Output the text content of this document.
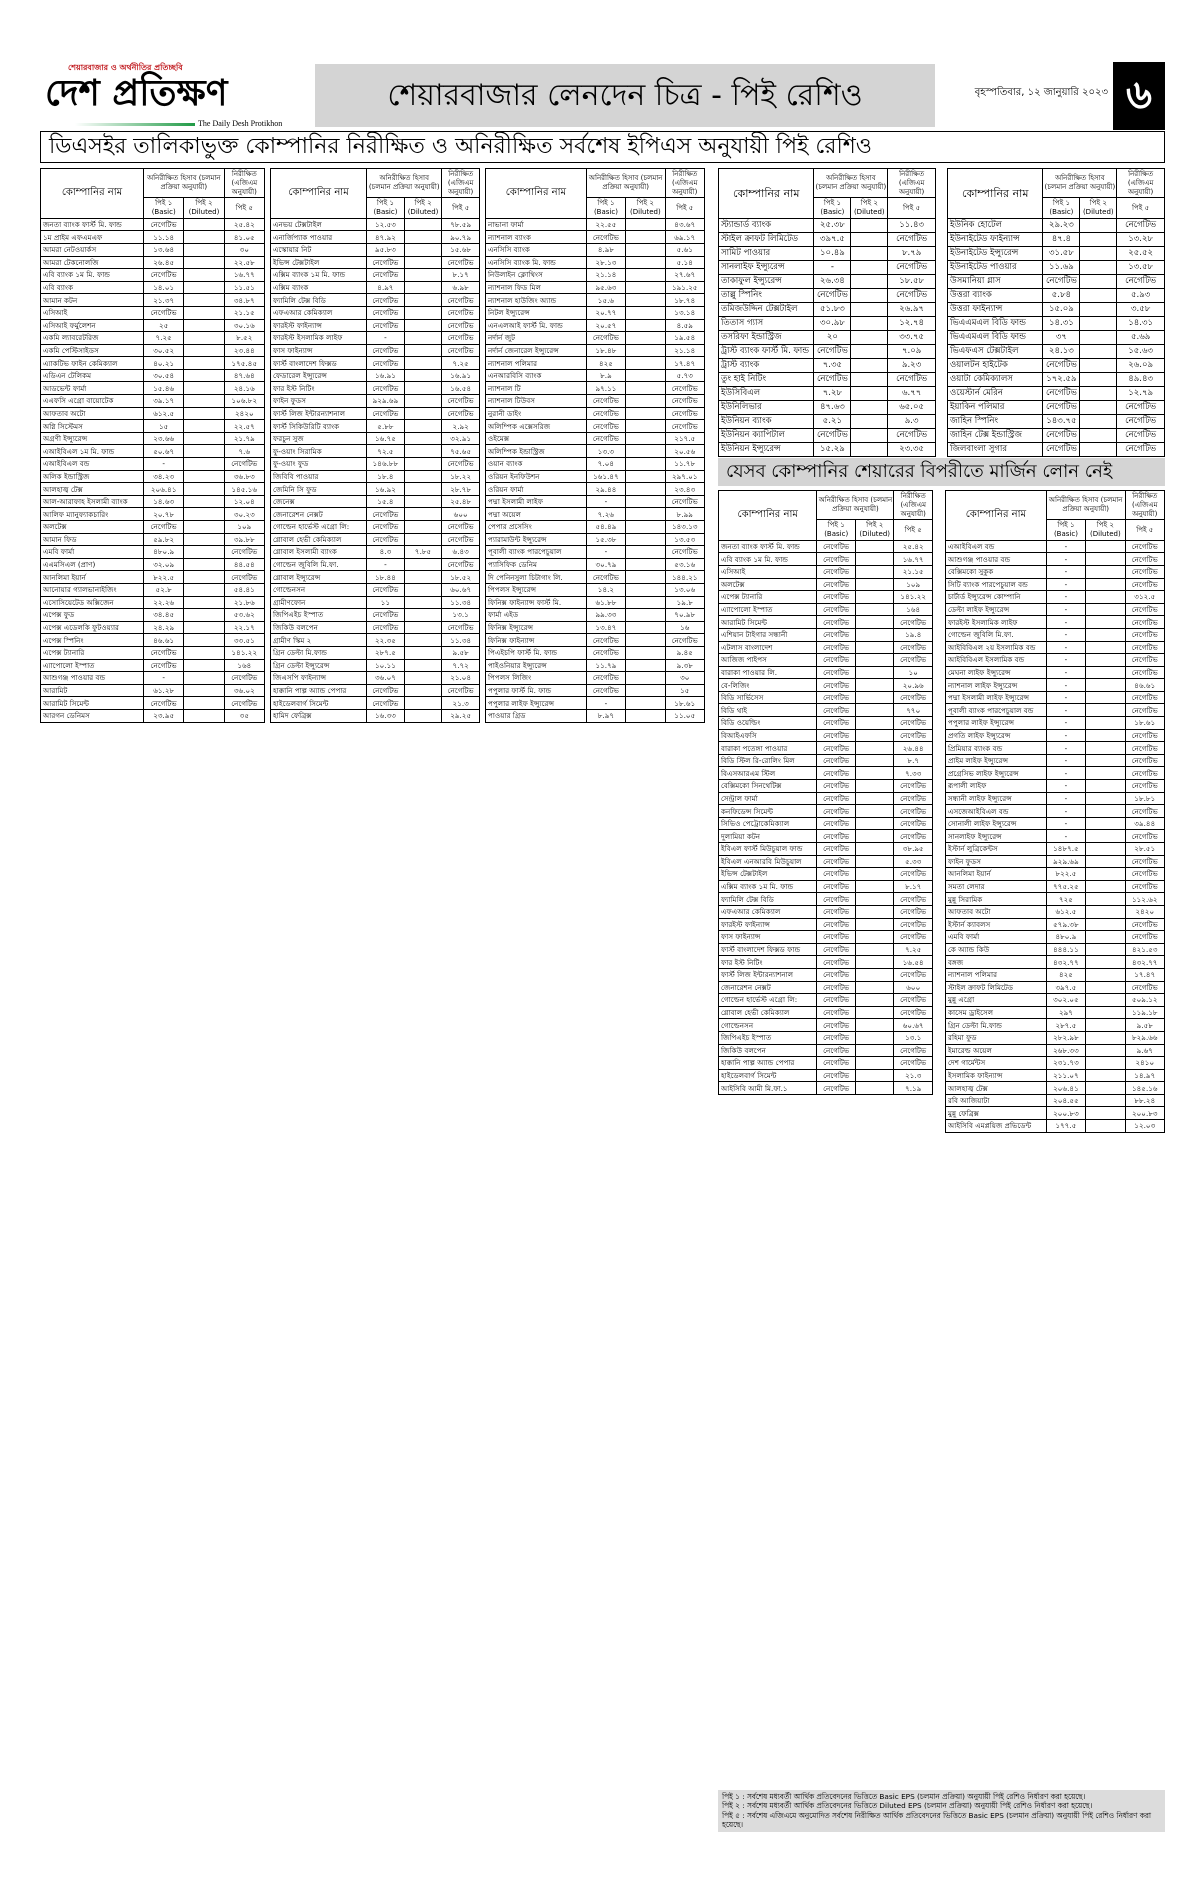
শেয়ারবাজার ও অর্থনীতির প্রতিচ্ছবি
দেশ প্রতিক্ষণ
The Daily Desh Protikhon
শেয়ারবাজার লেনদেন চিত্র - পিই রেশিও	বৃহস্পতিবার, ১২ জানুয়ারি ২০২৩ ৬
ডিএসইর তালিকাভুক্ত কোম্পানির নিরীক্ষিত ও অনিরীক্ষিত সর্বশেষ ইপিএস অনুযায়ী পিই রেশিও
কোম্পানির নাম	অনিরীক্ষিত হিসাব (চলমান প্রক্রিয়া অনুযায়ী)		নিরীক্ষিত (এজিএম অনুযায়ী)
	পিই ১ (Basic)	পিই ২ (Diluted)	পিই ৫
জনতা ব্যাংক ফার্স্ট মি. ফান্ড	নেগেটিভ		২৫.৪২
১ম প্রাইম এফএমএফ	১১.১৪		৪১.০৫
আমরা নেটওয়ার্কস	১৩.৬৪		৩০
আমরা টেকনোলজি	২৬.৪৫		২২.৫৮
এবি ব্যাংক ১ম মি. ফান্ড	নেগেটিভ		১৬.৭৭
এবি ব্যাংক	১৪.০১		১১.৫১
আমান কটন	২১.৩৭		৩৪.৮৭
এসিআই	নেগেটিভ		২১.১৫
এসিআই ফর্মুলেশন	২৫		৩০.১৬
একমি ল্যাবরেটরিজ	৭.২৫		৮.৫২
একমি পেস্টিসাইডস	৩০.৫২		২৩.৪৪
এ্যাকটিভ ফাইন কেমিক্যাল	৪০.২১		১৭৫.৪৫
এডিএন টেলিকম	৩০.৫৪		৪৭.৬৪
আডভেন্ট ফার্মা	১৫.৪৬		২৪.১৬
এএফসি এগ্রো বায়োটেক	৩৯.১৭		১০৬.৮২
আফতাব অটো	৬১২.৫		২৪২০
অগ্নি সিস্টেমস	১৫		২২.৫৭
অগ্রণী ইন্স্যুরেন্স	২৩.৬৬		২১.৭৯
এআইবিএল ১ম মি. ফান্ড	৫০.৬৭		৭.৬
এআইবিএল বন্ড	-		নেগেটিভ
অলিক ইন্ডাস্ট্রিজ	৩৪.২৩		৩৬.৮৩
আলহাজ্ব টেক্স	২০৬.৪১		১৪৫.১৬
আল-আরাফাহ ইসলামী ব্যাংক	১৪.৬৩		১২.০৪
আলিফ ম্যানুফ্যাকচারিং	২০.৭৮		৩০.২৩
অলটেক্স	নেগেটিভ		১০৯
আমান ফিড	৫৯.৮২		৩৯.৮৮
এমবি ফার্মা	৪৮০.৯		নেগেটিভ
এএমসিএল (প্রাণ)	৩২.০৯		৪৪.৫৪
আনলিমা ইয়ার্ন	৮২২.৫		নেগেটিভ
আনোয়ার গ্যালভানাইজিং	৫২.৮		৫৪.৪১
এসোসিয়েটেড অক্সিজেন	২২.২৬		২১.৮৬
এপেক্স ফুড	৩৪.৪৫		৫৩.৬২
এপেক্স এডেলকি ফুটওয়্যার	২৪.২৯		২২.১৭
এপেক্স স্পিনিং	৪৬.৬১		৩৩.৫১
এপেক্স ট্যানারি	নেগেটিভ		১৪১.২২
এ্যাপোলো ইস্পাত	নেগেটিভ		১৬৪
আশুগঞ্জ পাওয়ার বন্ড	-		নেগেটিভ
আরামিট	৬১.২৮		৩৬.০২
আরামিট সিমেন্ট	নেগেটিভ		নেগেটিভ
আরগন ডেনিমস	২৩.৯৫		৩৫
কোম্পানির নাম	অনিরীক্ষিত হিসাব (চলমান প্রক্রিয়া অনুযায়ী)		নিরীক্ষিত (এজিএম অনুযায়ী)
	পিই ১ (Basic)	পিই ২ (Diluted)	পিই ৫
এনভয় টেক্সটাইল	১২.৫৩		৭৮.৫৯
এনার্জিপ্যাক পাওয়ার	৪৭.৯২		৯০.৭৯
এস্কোয়ার নিট	৯৫.৮৩		১৫.৬৮
ইভিন্স টেক্সটাইল	নেগেটিভ		নেগেটিভ
এক্সিম ব্যাংক ১ম মি. ফান্ড	নেগেটিভ		৮.১৭
এক্সিম ব্যাংক	৪.৯৭		৬.৯৮
ফ্যামিলি টেক্স বিডি	নেগেটিভ		নেগেটিভ
এফএআর কেমিক্যাল	নেগেটিভ		নেগেটিভ
ফারইস্ট ফাইন্যান্স	নেগেটিভ		নেগেটিভ
ফারইস্ট ইসলামিক লাইফ	-		নেগেটিভ
ফাস ফাইন্যান্স	নেগেটিভ		নেগেটিভ
ফার্স্ট বাংলাদেশ ফিক্সড	নেগেটিভ		৭.২৫
ফেডারেল ইন্স্যুরেন্স	১৬.৯১		১৬.৯১
ফার ইস্ট নিটিং	নেগেটিভ		১৬.৫৪
ফাইন ফুডস	৯২৯.৬৯		নেগেটিভ
ফার্স্ট লিজ ইন্টারন্যাশনাল	নেগেটিভ		নেগেটিভ
ফার্স্ট সিকিউরিটি ব্যাংক	৫.৮৮		২.৯২
ফরচুন সুজ	১৬.৭৫		৩২.৯১
ফু-ওয়াং সিরামিক	৭২.৫		৭৫.৬৫
ফু-ওয়াং ফুড	১৪৬.৮৮		নেগেটিভ
জিবিবি পাওয়ার	১৮.৪		১৮.২২
জেমিনি সি ফুড	১৬.৯২		২৮.৭৮
জেনেক্স	১৫.৪		২৫.৪৮
জেনারেশন নেক্সট	নেগেটিভ		৬০০
গোল্ডেন হার্ভেস্ট এগ্রো লি:	নেগেটিভ		নেগেটিভ
গ্লোবাল হেভী কেমিক্যাল	নেগেটিভ		নেগেটিভ
গ্লোবাল ইসলামী ব্যাংক	৪.৩	৭.৮৫	৬.৪৩
গোল্ডেন জুবিলি মি.ফা.	-		নেগেটিভ
গ্লোবাল ইন্স্যুরেন্স	১৮.৪৪		১৮.৫২
গোল্ডেনসন	নেগেটিভ		৬০.৬৭
গ্রামীণফোন	১১		১১.৩৪
জিপিএইচ ইস্পাত	নেগেটিভ		১৩.১
জিকিউ বলপেন	নেগেটিভ		নেগেটিভ
গ্রামীণ স্কিম ২	২২.৩৫		১১.৩৪
গ্রিন ডেল্টা মি.ফান্ড	২৮৭.৫		৯.৫৮
গ্রিন ডেল্টা ইন্স্যুরেন্স	১০.১১		৭.৭২
জিএসপি ফাইন্যান্স	৩৬.০৭		২১.০৪
হাক্কানি পাল্প অ্যান্ড পেপার	নেগেটিভ		নেগেটিভ
হাইডেলবার্গ সিমেন্ট	নেগেটিভ		২১.৩
হামিদ ফেব্রিক্স	১৬.৩৩		২৯.২৫
কোম্পানির নাম	অনিরীক্ষিত হিসাব (চলমান প্রক্রিয়া অনুযায়ী)		নিরীক্ষিত (এজিএম অনুযায়ী)
	পিই ১ (Basic)	পিই ২ (Diluted)	পিই ৫
নাভানা ফার্মা	২২.৫৫		৪৩.৬৭
ন্যাশনাল ব্যাংক	নেগেটিভ		৬৯.১৭
এনসিসি ব্যাংক	৪.৯৮		৫.৬১
এনসিসি ব্যাংক মি. ফান্ড	২৮.১৩		৫.১৪
নিউলাইন ক্লোথিংস	২১.১৪		২৭.৬৭
ন্যাশনাল ফিড মিল	৯৫.৬৩		১৯১.২৫
ন্যাশনাল হাউজিং অ্যান্ড	১৫.৬		১৮.৭৪
নিটল ইন্স্যুরেন্স	২০.৭৭		১৩.১৪
এনএলআই ফার্স্ট মি. ফান্ড	২০.৫৭		৪.৫৯
নর্দার্ন জুট	নেগেটিভ		১৯.৫৪
নর্দার্ন জেনারেল ইন্স্যুরেন্স	১৮.৪৮		২১.১৪
ন্যাশনাল পলিমার	৪২৫		১৭.৪৭
এনআরবিসি ব্যাংক	৮.৯		৫.৭৩
ন্যাশনাল টি	৯৭.১১		নেগেটিভ
ন্যাশনাল টিউবস	নেগেটিভ		নেগেটিভ
নুরানী ডাইং	নেগেটিভ		নেগেটিভ
অলিম্পিক এক্সেসরিজ	নেগেটিভ		নেগেটিভ
ওইমেক্স	নেগেটিভ		২১৭.৫
অলিম্পিক ইন্ডাস্ট্রিজ	১৩.৩		২০.৫৬
ওয়ান ব্যাংক	৭.০৪		১১.৭৮
ওরিয়ন ইনফিউশন	১৬১.৪৭		২৯৭.০১
ওরিয়ন ফার্মা	২৯.৪৪		২৩.৪৩
পদ্মা ইসলামী লাইফ	-		নেগেটিভ
পদ্মা অয়েল	৭.২৬		৮.৯৯
পেপার প্রসেসিং	৫৪.৪৯		১৪৩.১৩
প্যারামাউন্ট ইন্স্যুরেন্স	১৫.৩৮		১৩.৫৩
পূবালী ব্যাংক পারপেচুয়াল	-		নেগেটিভ
প্যাসিফিক ডেনিম	৩০.৭৯		৫৩.১৬
দি পেনিনসুলা চিটাগাং লি.	নেগেটিভ		১৪৪.২১
পিপলস ইন্স্যুরেন্স	১৪.২		১৩.০৬
ফিনিক্স ফাইন্যান্স ফার্স্ট মি.	৬১.৮৮		১৯.৮
ফার্মা এইড	৯৯.৩৩		৭০.৯৮
ফিনিক্স ইন্স্যুরেন্স	১৩.৪৭		১৬
ফিনিক্স ফাইন্যান্স	নেগেটিভ		নেগেটিভ
পিএইচপি ফার্স্ট মি. ফান্ড	নেগেটিভ		৯.৪৫
পাইওনিয়ার ইন্স্যুরেন্স	১১.৭৯		৯.৩৮
পিপলস লিজিং	নেগেটিভ		৩০
পপুলার ফার্স্ট মি. ফান্ড	নেগেটিভ		১৫
পপুলার লাইফ ইন্স্যুরেন্স	-		১৮.৬১
পাওয়ার গ্রিড	৮.৯৭		১১.০৫
কোম্পানির নাম	অনিরীক্ষিত হিসাব (চলমান প্রক্রিয়া অনুযায়ী)		নিরীক্ষিত (এজিএম অনুযায়ী)
	পিই ১ (Basic)	পিই ২ (Diluted)	পিই ৫
স্ট্যান্ডার্ড ব্যাংক	২৫.৩৮		১১.৪৩
স্টাইল ক্রাফট লিমিটেড	৩৯৭.৫		নেগেটিভ
সামিট পাওয়ার	১০.৪৯		৮.৭৯
সানলাইফ ইন্স্যুরেন্স	-		নেগেটিভ
তাকাফুল ইন্স্যুরেন্স	২৬.৩৪		১৮.৫৮
তাল্লু স্পিনিং	নেগেটিভ		নেগেটিভ
তমিজউদ্দিন টেক্সটাইল	৫১.৮৩		২৬.৯৭
তিতাস গ্যাস	৩০.৯৮		১২.৭৪
তসরিফা ইন্ডাস্ট্রিজ	২০		৩৩.৭৫
ট্রাস্ট ব্যাংক ফার্স্ট মি. ফান্ড	নেগেটিভ		৭.০৯
ট্রাস্ট ব্যাংক	৭.৩৫		৯.২৩
তুং হাই নিটিং	নেগেটিভ		নেগেটিভ
ইউসিবিএল	৭.২৮		৬.৭৭
ইউনিলিভার	৪৭.৬৩		৬৫.০৫
ইউনিয়ন ব্যাংক	৫.২১		৯.৩
ইউনিয়ন ক্যাপিটাল	নেগেটিভ		নেগেটিভ
ইউনিয়ন ইন্স্যুরেন্স	১৫.২৯		২৩.৩৫
কোম্পানির নাম	অনিরীক্ষিত হিসাব (চলমান প্রক্রিয়া অনুযায়ী)		নিরীক্ষিত (এজিএম অনুযায়ী)
	পিই ১ (Basic)	পিই ২ (Diluted)	পিই ৫
ইউনিক হোটেল	২৯.২৩		নেগেটিভ
ইউনাইটেড ফাইন্যান্স	৪৭.৪		১৩.২৮
ইউনাইটেড ইন্স্যুরেন্স	৩১.৫৮		২৫.৫২
ইউনাইটেড পাওয়ার	১১.৬৯		১৩.৫৮
উসমানিয়া গ্লাস	নেগেটিভ		নেগেটিভ
উত্তরা ব্যাংক	৫.৮৪		৫.৯৩
উত্তরা ফাইন্যান্স	১৫.০৯		৩.৫৮
ভিএএমএল বিডি ফান্ড	১৪.৩১		১৪.৩১
ভিএএমএল বিডি ফান্ড	৩৭		৫.৬৯
ভিএফএস টেক্সটাইল	২৪.১৩		১৫.৬৩
ওয়ালটন হাইটেক	নেগেটিভ		২৬.০৯
ওয়াটা কেমিক্যালস	১৭২.৫৯		৪৯.৪৩
ওয়েস্টার্ন মেরিন	নেগেটিভ		১২.৭৯
ইয়াকিন পলিমার	নেগেটিভ		নেগেটিভ
জাহিন স্পিনিং	১৪৩.৭৫		নেগেটিভ
জাহিন টেক্স ইন্ডাস্ট্রিজ	নেগেটিভ		নেগেটিভ
জিলবাংলা সুগার	নেগেটিভ		নেগেটিভ
যেসব কোম্পানির শেয়ারের বিপরীতে মার্জিন লোন নেই
কোম্পানির নাম	অনিরীক্ষিত হিসাব (চলমান প্রক্রিয়া অনুযায়ী)		নিরীক্ষিত (এজিএম অনুযায়ী)
	পিই ১ (Basic)	পিই ২ (Diluted)	পিই ৫
জনতা ব্যাংক ফার্স্ট মি. ফান্ড	নেগেটিভ		২৫.৪২
এবি ব্যাংক ১ম মি. ফান্ড	নেগেটিভ		১৬.৭৭
এসিআই	নেগেটিভ		২১.১৫
অলটেক্স	নেগেটিভ		১০৯
এপেক্স ট্যানারি	নেগেটিভ		১৪১.২২
এ্যাপোলো ইস্পাত	নেগেটিভ		১৬৪
আরামিট সিমেন্ট	নেগেটিভ		নেগেটিভ
এশিয়ান টাইগার সন্ধানী	নেগেটিভ		১৯.৪
এটলাস বাংলাদেশ	নেগেটিভ		নেগেটিভ
আজিজ পাইপস	নেগেটিভ		নেগেটিভ
বারাকা পাওয়ার লি.	নেগেটিভ		১০
বে-লিজিং	নেগেটিভ		২০.৯৬
বিডি সার্ভিসেস	নেগেটিভ		নেগেটিভ
বিডি থাই	নেগেটিভ		৭৭০
বিডি ওয়েল্ডিং	নেগেটিভ		নেগেটিভ
বিআইএফসি	নেগেটিভ		নেগেটিভ
বারাকা পতেঙ্গা পাওয়ার	নেগেটিভ		২৬.৪৪
বিডি স্টিল রি-রোলিং মিল	নেগেটিভ		৮.৭
বিএসআরএম স্টিল	নেগেটিভ		৭.৩৩
বেক্সিমকো সিনথেটিক্স	নেগেটিভ		নেগেটিভ
সেন্ট্রাল ফার্মা	নেগেটিভ		নেগেটিভ
কনফিডেন্স সিমেন্ট	নেগেটিভ		নেগেটিভ
সিভিও পেট্রোকেমিক্যাল	নেগেটিভ		নেগেটিভ
দুলামিয়া কটন	নেগেটিভ		নেগেটিভ
ইবিএল ফার্স্ট মিউচুয়াল ফান্ড	নেগেটিভ		৩৮.৯৫
ইবিএল এনআরবি মিউচুয়াল	নেগেটিভ		৫.৩৩
ইভিন্স টেক্সটাইল	নেগেটিভ		নেগেটিভ
এক্সিম ব্যাংক ১ম মি. ফান্ড	নেগেটিভ		৮.১৭
ফ্যামিলি টেক্স বিডি	নেগেটিভ		নেগেটিভ
এফএআর কেমিক্যাল	নেগেটিভ		নেগেটিভ
ফারইস্ট ফাইন্যান্স	নেগেটিভ		নেগেটিভ
ফাস ফাইন্যান্স	নেগেটিভ		নেগেটিভ
ফার্স্ট বাংলাদেশ ফিক্সড ফান্ড	নেগেটিভ		৭.২৫
ফার ইস্ট নিটিং	নেগেটিভ		১৬.৫৪
ফার্স্ট লিজ ইন্টারন্যাশনাল	নেগেটিভ		নেগেটিভ
জেনারেশন নেক্সট	নেগেটিভ		৬০০
গোল্ডেন হার্ভেস্ট এগ্রো লি:	নেগেটিভ		নেগেটিভ
গ্লোবাল হেভী কেমিক্যাল	নেগেটিভ		নেগেটিভ
গোল্ডেনসন	নেগেটিভ		৬০.৬৭
জিপিএইচ ইস্পাত	নেগেটিভ		১৩.১
জিকিউ বলপেন	নেগেটিভ		নেগেটিভ
হাক্কানি পাল্প অ্যান্ড পেপার	নেগেটিভ		নেগেটিভ
হাইডেলবার্গ সিমেন্ট	নেগেটিভ		২১.৩
আইসিবি আমী মি.ফা.১	নেগেটিভ		৭.১৯
কোম্পানির নাম	অনিরীক্ষিত হিসাব (চলমান প্রক্রিয়া অনুযায়ী)		নিরীক্ষিত (এজিএম অনুযায়ী)
	পিই ১ (Basic)	পিই ২ (Diluted)	পিই ৫
এআইবিএল বন্ড	-		নেগেটিভ
আশুগঞ্জ পাওয়ার বন্ড	-		নেগেটিভ
বেক্সিমকো সুকুক	-		নেগেটিভ
সিটি ব্যাংক পারপেচুয়াল বন্ড	-		নেগেটিভ
চার্টার্ড ইন্স্যুরেন্স কোম্পানি	-		৩১২.৫
ডেল্টা লাইফ ইন্স্যুরেন্স	-		নেগেটিভ
ফারইস্ট ইসলামিক লাইফ	-		নেগেটিভ
গোল্ডেন জুবিলি মি.ফা.	-		নেগেটিভ
আইবিবিএল ২য় ইসলামিক বন্ড	-		নেগেটিভ
আইবিবিএল ইসলামিক বন্ড	-		নেগেটিভ
মেঘনা লাইফ ইন্স্যুরেন্স	-		নেগেটিভ
ন্যাশনাল লাইফ ইন্স্যুরেন্স	-		৪৬.৬১
পদ্মা ইসলামী লাইফ ইন্স্যুরেন্স	-		নেগেটিভ
পূবালী ব্যাংক পারপেচুয়াল বন্ড	-		নেগেটিভ
পপুলার লাইফ ইন্স্যুরেন্স	-		১৮.৬১
প্রগতি লাইফ ইন্স্যুরেন্স	-		নেগেটিভ
প্রিমিয়ার ব্যাংক বন্ড	-		নেগেটিভ
প্রাইম লাইফ ইন্স্যুরেন্স	-		নেগেটিভ
প্রগ্রেসিভ লাইফ ইন্স্যুরেন্স	-		নেগেটিভ
রূপালী লাইফ	-		নেগেটিভ
সন্ধানী লাইফ ইন্স্যুরেন্স	-		১৮.৮১
এসজেআইবিএল বন্ড	-		নেগেটিভ
সোনালী লাইফ ইন্স্যুরেন্স	-		৩৯.৪৪
সানলাইফ ইন্স্যুরেন্স	-		নেগেটিভ
ইস্টার্ন লুব্রিকেন্টস	১৪৮৭.৫		২৮.৫১
ফাইন ফুডস	৯২৯.৬৯		নেগেটিভ
আনলিমা ইয়ার্ন	৮২২.৫		নেগেটিভ
সমতা লেদার	৭৭৫.২৫		নেগেটিভ
মুন্নু সিরামিক	৭২৫		১১২.৬২
আফতাব অটো	৬১২.৫		২৪২০
ইস্টার্ন ক্যাবলস	৫৭৯.৩৮		নেগেটিভ
এমবি ফার্মা	৪৮০.৯		নেগেটিভ
কে অ্যান্ড কিউ	৪৪৪.১১		৪২১.৫৩
বঙ্গজ	৪৩২.৭৭		৪৩২.৭৭
ন্যাশনাল পলিমার	৪২৫		১৭.৪৭
স্টাইল ক্রাফট লিমিটেড	৩৯৭.৫		নেগেটিভ
মুন্নু এগ্রো	৩০২.০৫		৫০৯.১২
কাসেম ড্রাইসেল	২৯৭		১১৯.১৮
গ্রিন ডেল্টা মি.ফান্ড	২৮৭.৫		৯.৫৮
রহিমা ফুড	২৮২.৯৮		৮২৯.৬৬
ইমারেল্ড অয়েল	২৬৮.৩৩		৯.৬৭
দেশ গার্মেন্টস	২৩১.৭৩		২৪১০
ইসলামিক ফাইন্যান্স	২১১.০৭		১৪.৯৭
আলহাজ্ব টেক্স	২০৬.৪১		১৪৫.১৬
রবি আজিয়াটা	২০৪.৫৫		৮৮.২৪
মুন্নু ফেব্রিক্স	২০০.৮৩		২০০.৮৩
আইসিবি এমপ্লয়িজ প্রভিডেন্ট	১৭৭.৫		১২.০৩
পিই ১ : সর্বশেষ মধ্যবর্তী আর্থিক প্রতিবেদনের ভিত্তিতে Basic EPS (চলমান প্রক্রিয়া) অনুযায়ী পিই রেশিও নির্ধারণ করা হয়েছে।
পিই ২ : সর্বশেষ মধ্যবর্তী আর্থিক প্রতিবেদনের ভিত্তিতে Diluted EPS (চলমান প্রক্রিয়া) অনুযায়ী পিই রেশিও নির্ধারণ করা হয়েছে।
পিই ৫ : সর্বশেষ এজিএমে অনুমোদিত সর্বশেষ নিরীক্ষিত আর্থিক প্রতিবেদনের ভিত্তিতে Basic EPS (চলমান প্রক্রিয়া) অনুযায়ী পিই রেশিও নির্ধারণ করা হয়েছে।
